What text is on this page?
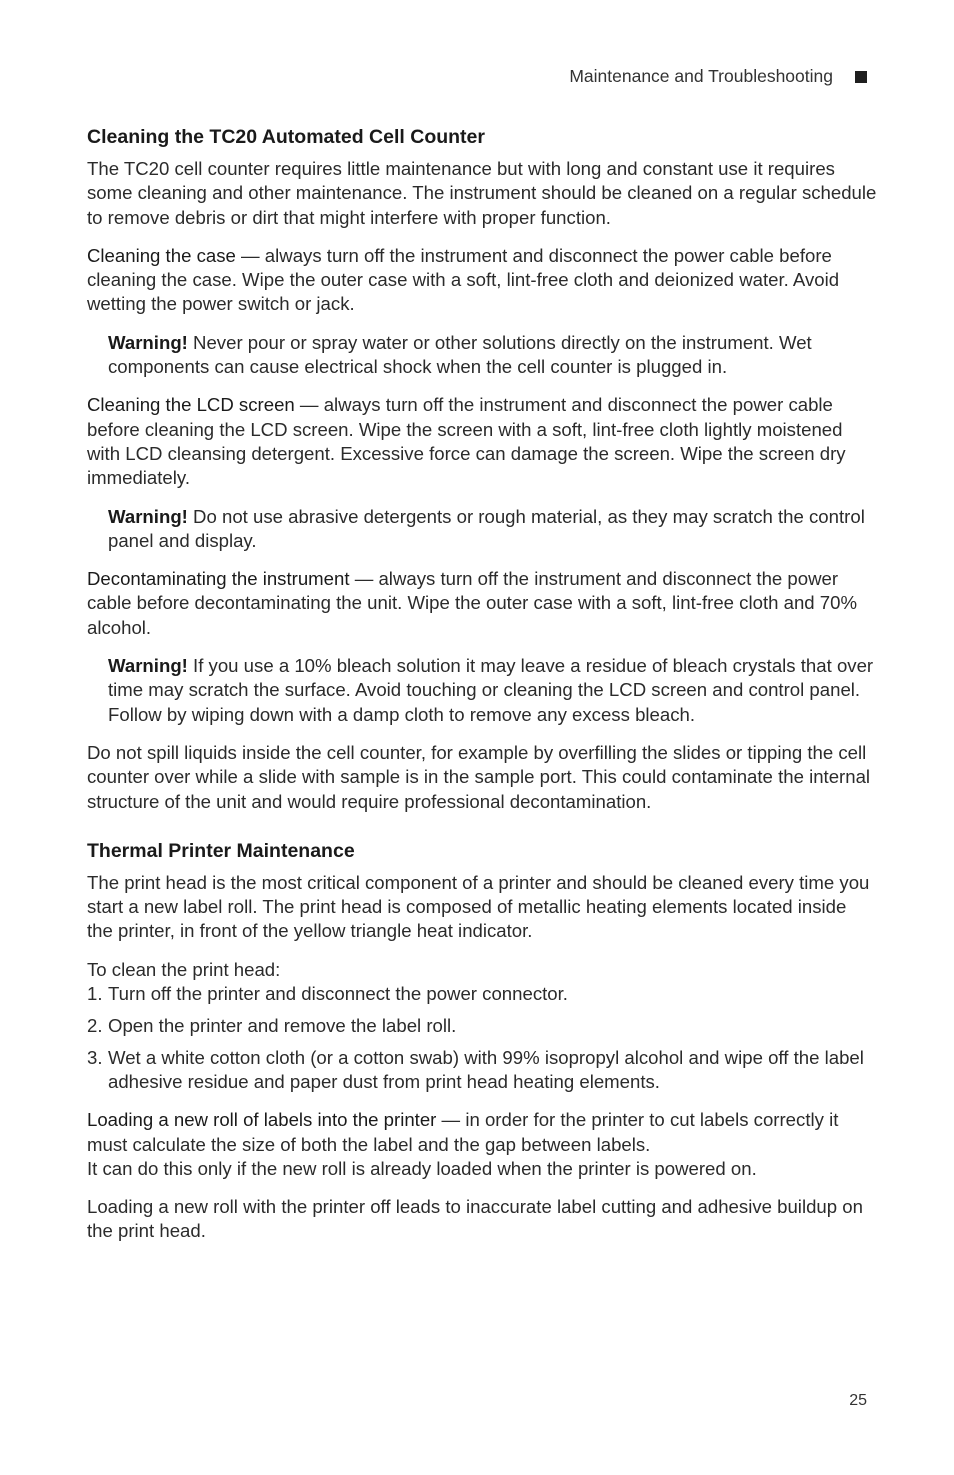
Maintenance and Troubleshooting
Cleaning the TC20 Automated Cell Counter

The TC20 cell counter requires little maintenance but with long and constant use it requires some cleaning and other maintenance. The instrument should be cleaned on a regular schedule to remove debris or dirt that might interfere with proper function.

Cleaning the case — always turn off the instrument and disconnect the power cable before cleaning the case. Wipe the outer case with a soft, lint-free cloth and deionized water. Avoid wetting the power switch or jack.

Warning! Never pour or spray water or other solutions directly on the instrument. Wet components can cause electrical shock when the cell counter is plugged in.

Cleaning the LCD screen — always turn off the instrument and disconnect the power cable before cleaning the LCD screen. Wipe the screen with a soft, lint-free cloth lightly moistened with LCD cleansing detergent. Excessive force can damage the screen. Wipe the screen dry immediately.

Warning! Do not use abrasive detergents or rough material, as they may scratch the control panel and display.

Decontaminating the instrument — always turn off the instrument and disconnect the power cable before decontaminating the unit. Wipe the outer case with a soft, lint-free cloth and 70% alcohol.

Warning! If you use a 10% bleach solution it may leave a residue of bleach crystals that over time may scratch the surface. Avoid touching or cleaning the LCD screen and control panel. Follow by wiping down with a damp cloth to remove any excess bleach.

Do not spill liquids inside the cell counter, for example by overfilling the slides or tipping the cell counter over while a slide with sample is in the sample port. This could contaminate the internal structure of the unit and would require professional decontamination.

Thermal Printer Maintenance

The print head is the most critical component of a printer and should be cleaned every time you start a new label roll. The print head is composed of metallic heating elements located inside the printer, in front of the yellow triangle heat indicator.

To clean the print head:

1. Turn off the printer and disconnect the power connector.
2. Open the printer and remove the label roll.
3. Wet a white cotton cloth (or a cotton swab) with 99% isopropyl alcohol and wipe off the label adhesive residue and paper dust from print head heating elements.

Loading a new roll of labels into the printer — in order for the printer to cut labels correctly it must calculate the size of both the label and the gap between labels.
It can do this only if the new roll is already loaded when the printer is powered on.

Loading a new roll with the printer off leads to inaccurate label cutting and adhesive buildup on the print head.

25
